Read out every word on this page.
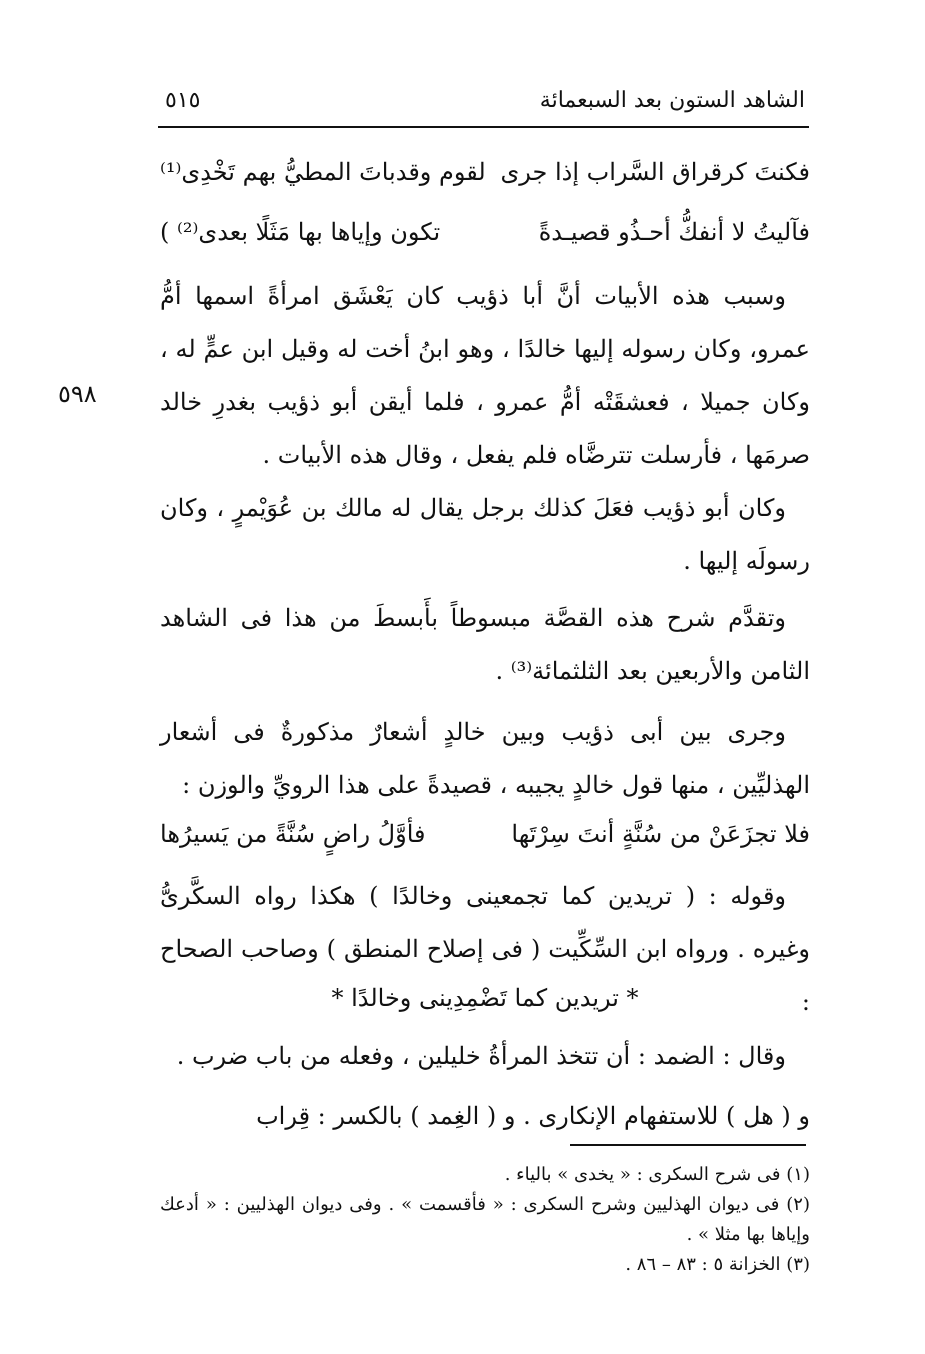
الشاهد الستون بعد السبعمائة
٥١٥
٥٩٨
فكنتَ كرقراق السَّراب إذا جرى
لقوم وقدباتَ المطيُّ بهم تَخْدِى⁽¹⁾
فآليتُ لا أنفكُّ أحـذُو قصيـدةً
تكون وإياها بها مَثَلًا بعدى⁽²⁾ )
وسبب هذه الأبيات أنَّ أبا ذؤيب كان يَعْشَق امرأةً اسمها أمُّ عمرو، وكان رسوله إليها خالدًا ، وهو ابنُ أخت له وقيل ابن عمٍّ له ، وكان جميلا ، فعشقَتْه أمُّ عمرو ، فلما أيقن أبو ذؤيب بغدرِ خالد صرمَها ، فأرسلت تترضَّاه فلم يفعل ، وقال هذه الأبيات .
وكان أبو ذؤيب فعَلَ كذلك برجل يقال له مالك بن عُوَيْمرٍ ، وكان رسولَه إليها .
وتقدَّم شرح هذه القصَّة مبسوطاً بأَبسطَ من هذا فى الشاهد الثامن والأربعين بعد الثلثمائة⁽³⁾ .
وجرى بين أبى ذؤيب وبين خالدٍ أشعارٌ مذكورةٌ فى أشعار الهذليِّين ، منها قول خالدٍ يجيبه ، قصيدةً على هذا الرويِّ والوزن :
فلا تجزَعَنْ من سُنَّةٍ أنتَ سِرْتَها
فأوَّلُ راضٍ سُنَّةً من يَسيرُها
وقوله : ( تريدين كما تجمعينى وخالدًا ) هكذا رواه السكَّرىُّ وغيره . ورواه ابن السِّكِّيت ( فى إصلاح المنطق ) وصاحب الصحاح :
* تريدين كما تَضْمِدِينى وخالدًا *
وقال : الضمد : أن تتخذ المرأةُ خليلين ، وفعله من باب ضرب .
و ( هل ) للاستفهام الإنكارى . و ( الغِمد ) بالكسر : قِراب
(١) فى شرح السكرى : « يخدى » بالياء .
(٢) فى ديوان الهذليين وشرح السكرى : « فأقسمت » . وفى ديوان الهذليين : « أدعك وإياها بها مثلا » .
(٣) الخزانة ٥ : ٨٣ – ٨٦ .
